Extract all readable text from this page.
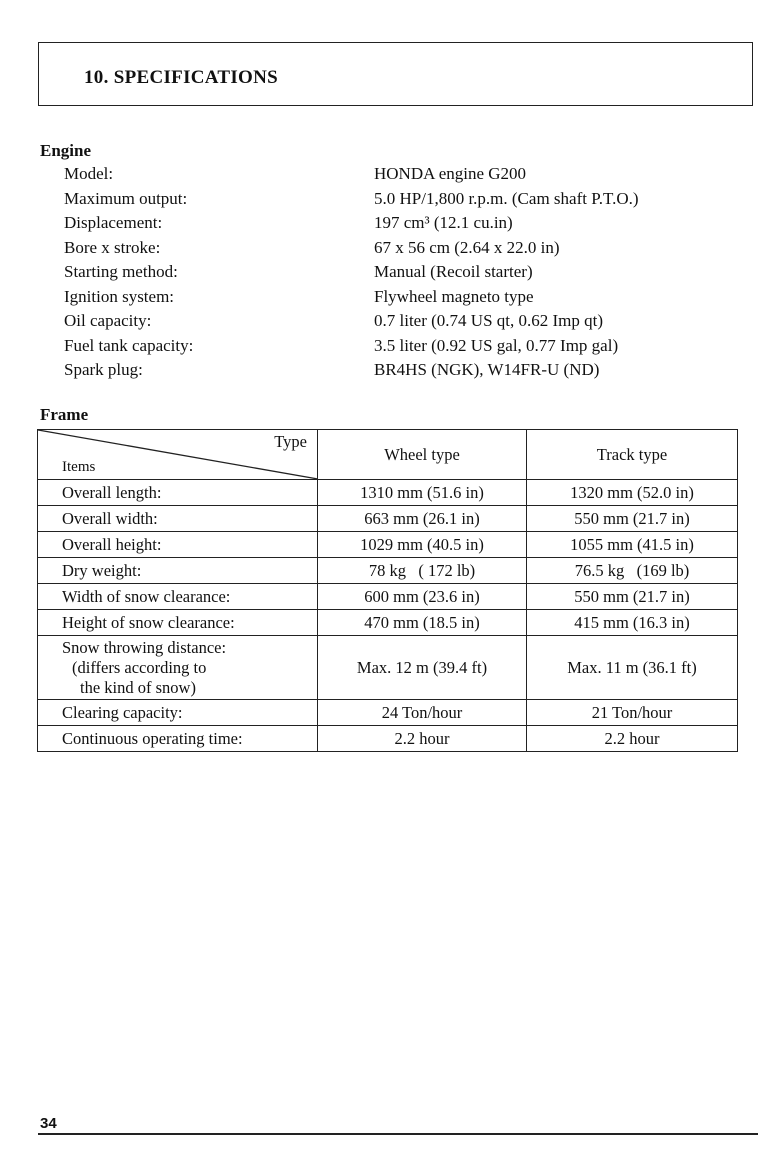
10. SPECIFICATIONS
Engine
Model:	HONDA engine G200
Maximum output:	5.0 HP/1,800 r.p.m. (Cam shaft P.T.O.)
Displacement:	197 cm³ (12.1 cu.in)
Bore x stroke:	67 x 56 cm (2.64 x 22.0 in)
Starting method:	Manual (Recoil starter)
Ignition system:	Flywheel magneto type
Oil capacity:	0.7 liter (0.74 US qt, 0.62 Imp qt)
Fuel tank capacity:	3.5 liter (0.92 US gal, 0.77 Imp gal)
Spark plug:	BR4HS (NGK), W14FR-U (ND)
Frame
Type
Items	Wheel type	Track type
Overall length:	1310 mm (51.6 in)	1320 mm (52.0 in)
Overall width:	663 mm (26.1 in)	550 mm (21.7 in)
Overall height:	1029 mm (40.5 in)	1055 mm (41.5 in)
Dry weight:	78 kg   ( 172 lb)	76.5 kg   (169 lb)
Width of snow clearance:	600 mm (23.6 in)	550 mm (21.7 in)
Height of snow clearance:	470 mm (18.5 in)	415 mm (16.3 in)

Snow throwing distance:
(differs according to
the kind of snow)	Max. 12 m (39.4 ft)	Max. 11 m (36.1 ft)
Clearing capacity:	24 Ton/hour	21 Ton/hour
Continuous operating time:	2.2 hour	2.2 hour
34
